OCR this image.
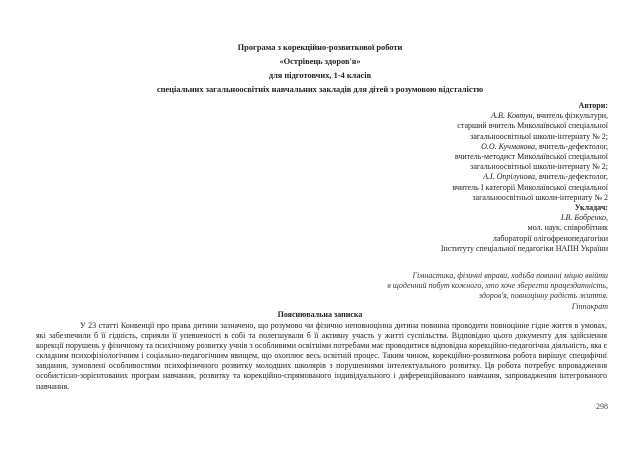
Програма з корекційно-розвиткової роботи
«Острівець здоров'я»
для підготовчих, 1-4 класів
спеціальних загальноосвітніх навчальних закладів для дітей з розумовою відсталістю
Автори:
А.В. Ковтун, вчитель фізкультури,
старший вчитель Миколаївської спеціальної
загальноосвітньої школи-інтернату № 2;
О.О. Кучмакова, вчитель-дефектолог,
вчитель-методист Миколаївської спеціальної
загальноосвітньої школи-інтернату № 2;
А.І. Опрілунова, вчитель-дефектолог,
вчитель І категорії Миколаївської спеціальної
загальноосвітньої школи-інтернату № 2
Укладач:
І.В. Бобренко,
мол. наук. співробітник
лабораторії олігофренопедагогіки
Інституту спеціальної педагогіки НАПН України
Гімнастика, фізичні вправи, ходьба повинні міцно ввійти
в щоденний побут кожного, хто хоче зберегти працездатність,
здоров'я, повноцінну радість життя.
Гіппократ
Пояснювальна записка
У 23 статті Конвенції про права дитини зазначено, що розумово чи фізично неповноцінна дитина повинна проводити повноцінне гідне життя в умовах, які забезпечили б її гідність, сприяли її упевненості в собі та полегшували б її активну участь у житті суспільства. Відповідно цього документу для здійснення корекції порушень у фізичному та психічному розвитку учнів з особливими освітніми потребами має проводитися відповідна корекційно-педагогічна діяльність, яка є складним психофізіологічним і соціально-педагогічним явищем, що охоплює весь освітній процес. Таким чином, корекційно-розвиткова робота вирішує специфічні завдання, зумовлені особливостями психофізичного розвитку молодших школярів з порушеннями інтелектуального розвитку. Ця робота потребує впровадження особистісно-зорієнтованих програм навчання, розвитку та корекційно-спрямованого індивідуального і диференційованого навчання, запровадження інтегрованого навчання.
298
